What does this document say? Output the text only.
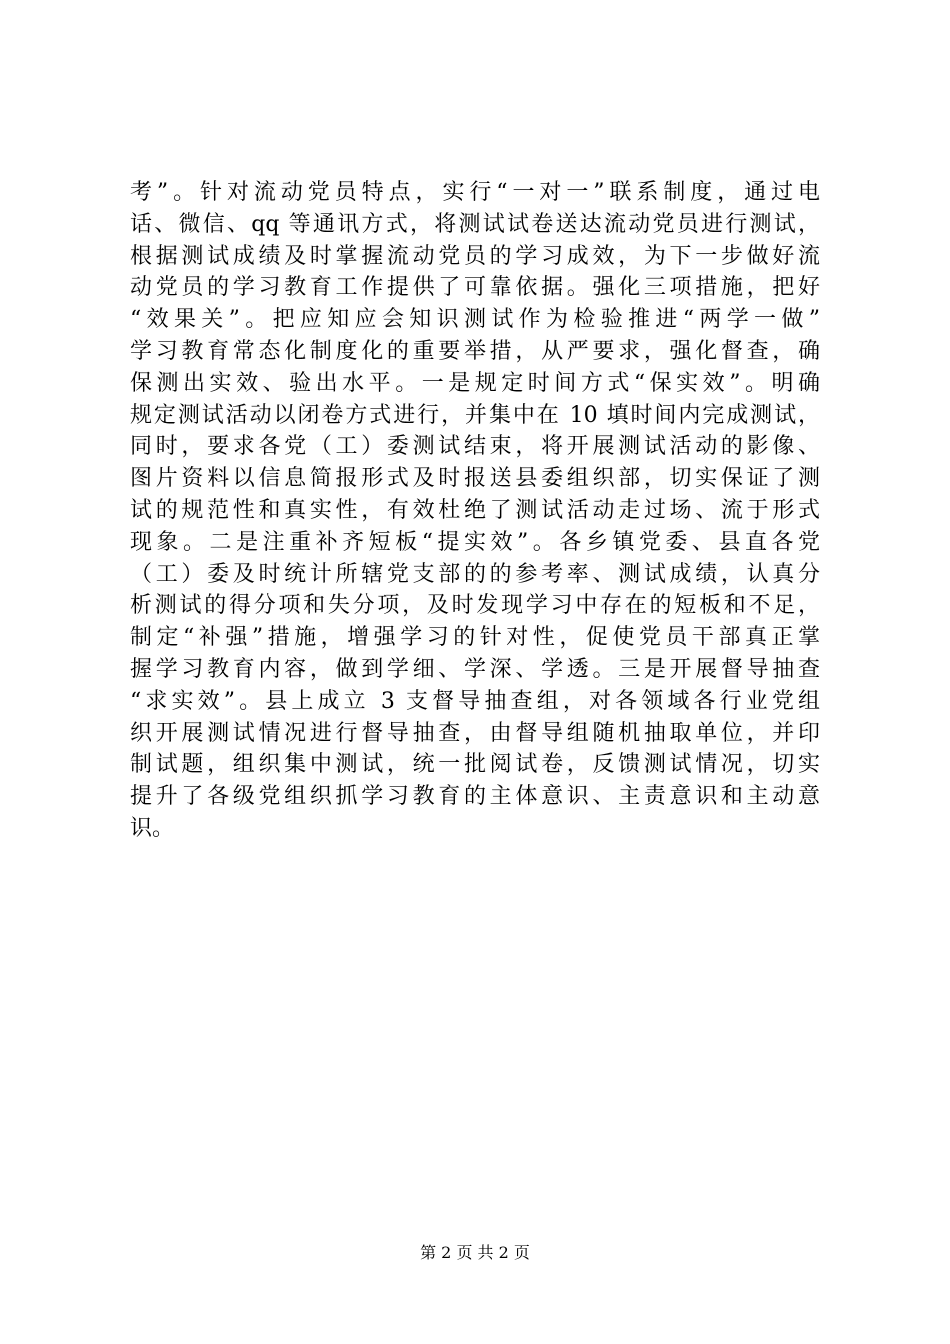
考”。针对流动党员特点，实行“一对一”联系制度，通过电
话、微信、qq 等通讯方式，将测试试卷送达流动党员进行测试，
根据测试成绩及时掌握流动党员的学习成效，为下一步做好流
动党员的学习教育工作提供了可靠依据。强化三项措施，把好
“效果关”。把应知应会知识测试作为检验推进“两学一做”
学习教育常态化制度化的重要举措，从严要求，强化督查，确
保测出实效、验出水平。一是规定时间方式“保实效”。明确
规定测试活动以闭卷方式进行，并集中在 10 填时间内完成测试，
同时，要求各党（工）委测试结束，将开展测试活动的影像、
图片资料以信息简报形式及时报送县委组织部，切实保证了测
试的规范性和真实性，有效杜绝了测试活动走过场、流于形式
现象。二是注重补齐短板“提实效”。各乡镇党委、县直各党
（工）委及时统计所辖党支部的的参考率、测试成绩，认真分
析测试的得分项和失分项，及时发现学习中存在的短板和不足，
制定“补强”措施，增强学习的针对性，促使党员干部真正掌
握学习教育内容，做到学细、学深、学透。三是开展督导抽查
“求实效”。县上成立 3 支督导抽查组，对各领域各行业党组
织开展测试情况进行督导抽查，由督导组随机抽取单位，并印
制试题，组织集中测试，统一批阅试卷，反馈测试情况，切实
提升了各级党组织抓学习教育的主体意识、主责意识和主动意
识。
第 2 页 共 2 页
